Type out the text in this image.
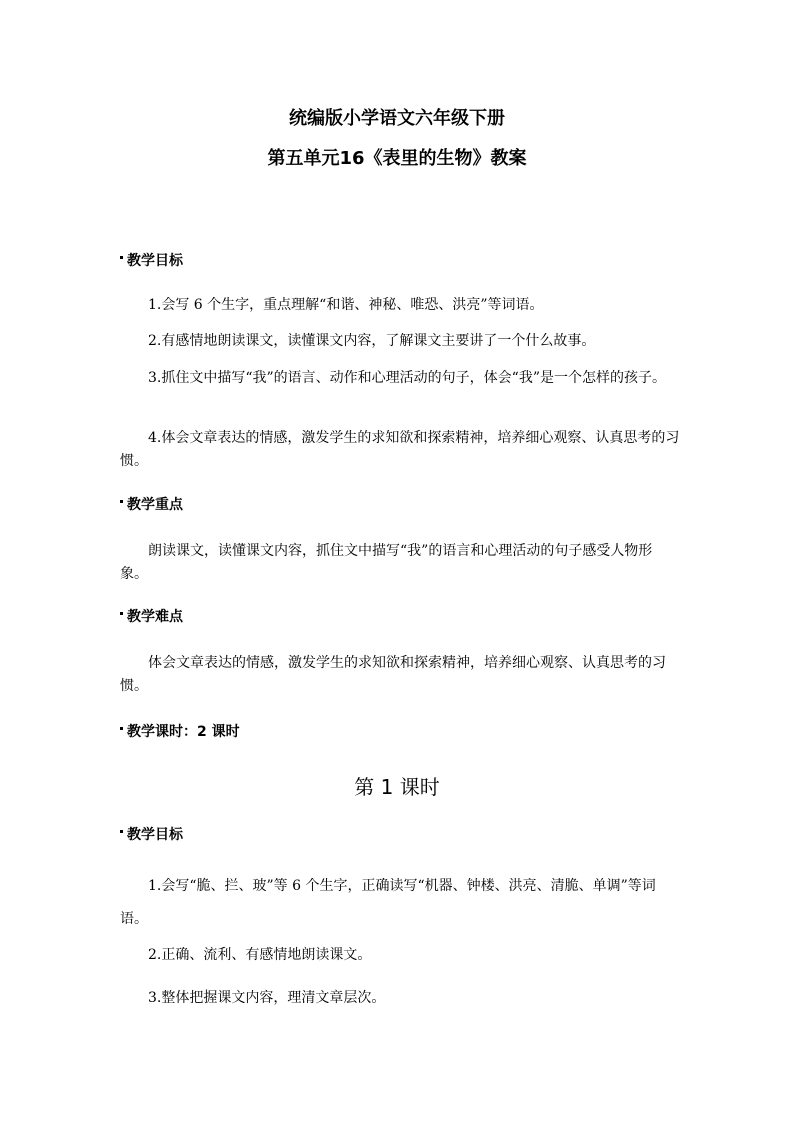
统编版小学语文六年级下册
第五单元16《表里的生物》教案
教学目标

1.会写 6 个生字，重点理解“和谐、神秘、唯恐、洪亮”等词语。

2.有感情地朗读课文，读懂课文内容，了解课文主要讲了一个什么故事。

3.抓住文中描写“我”的语言、动作和心理活动的句子，体会“我”是一个怎样的孩子。

4.体会文章表达的情感，激发学生的求知欲和探索精神，培养细心观察、认真思考的习惯。

教学重点

朗读课文，读懂课文内容，抓住文中描写“我”的语言和心理活动的句子感受人物形象。

教学难点

体会文章表达的情感，激发学生的求知欲和探索精神，培养细心观察、认真思考的习惯。

教学课时：2 课时
第 1 课时
教学目标

1.会写“脆、拦、玻”等 6 个生字，正确读写“机器、钟楼、洪亮、清脆、单调”等词语。

2.正确、流利、有感情地朗读课文。

3.整体把握课文内容，理清文章层次。
